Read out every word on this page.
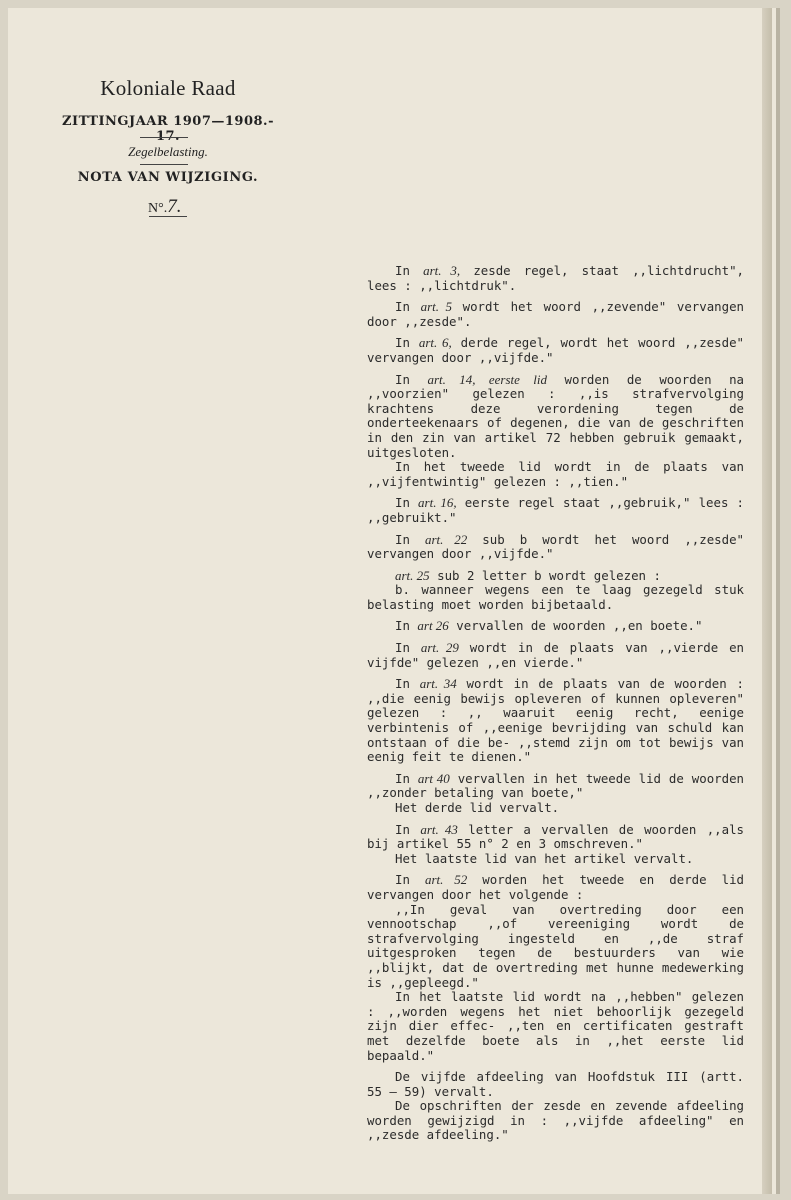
Koloniale Raad
ZITTINGJAAR 1907—1908.- 17.
Zegelbelasting.
NOTA VAN WIJZIGING.
N°.7.

In art. 3, zesde regel, staat ,,lichtdrucht", lees : ,,lichtdruk".

In art. 5 wordt het woord ,,zevende" vervangen door ,,zesde".

In art. 6, derde regel, wordt het woord ,,zesde" vervangen door ,,vijfde."

In art. 14, eerste lid worden de woorden na ,,voorzien" gelezen : ,,is strafvervolging krachtens deze verordening tegen de onderteekenaars of degenen, die van de geschriften in den zin van artikel 72 hebben gebruik gemaakt, uitgesloten.

In het tweede lid wordt in de plaats van ,,vijfentwintig" gelezen : ,,tien."

In art. 16, eerste regel staat ,,gebruik," lees : ,,gebruikt."

In art. 22 sub b wordt het woord ,,zesde" vervangen door ,,vijfde."

art. 25 sub 2 letter b wordt gelezen :

b. wanneer wegens een te laag gezegeld stuk belasting moet worden bijbetaald.

In art 26 vervallen de woorden ,,en boete."

In art. 29 wordt in de plaats van ,,vierde en vijfde" gelezen ,,en vierde."

In art. 34 wordt in de plaats van de woorden : ,,die eenig bewijs opleveren of kunnen opleveren" gelezen : ,, waaruit eenig recht, eenige verbintenis of ,,eenige bevrijding van schuld kan ontstaan of die be- ,,stemd zijn om tot bewijs van eenig feit te dienen."

In art 40 vervallen in het tweede lid de woorden ,,zonder betaling van boete,"

Het derde lid vervalt.

In art. 43 letter a vervallen de woorden ,,als bij artikel 55 n° 2 en 3 omschreven."

Het laatste lid van het artikel vervalt.

In art. 52 worden het tweede en derde lid vervangen door het volgende :

,,In geval van overtreding door een vennootschap ,,of vereeniging wordt de strafvervolging ingesteld en ,,de straf uitgesproken tegen de bestuurders van wie ,,blijkt, dat de overtreding met hunne medewerking is ,,gepleegd."

In het laatste lid wordt na ,,hebben" gelezen : ,,worden wegens het niet behoorlijk gezegeld zijn dier effec- ,,ten en certificaten gestraft met dezelfde boete als in ,,het eerste lid bepaald."

De vijfde afdeeling van Hoofdstuk III (artt. 55 — 59) vervalt.

De opschriften der zesde en zevende afdeeling worden gewijzigd in : ,,vijfde afdeeling" en ,,zesde afdeeling."
